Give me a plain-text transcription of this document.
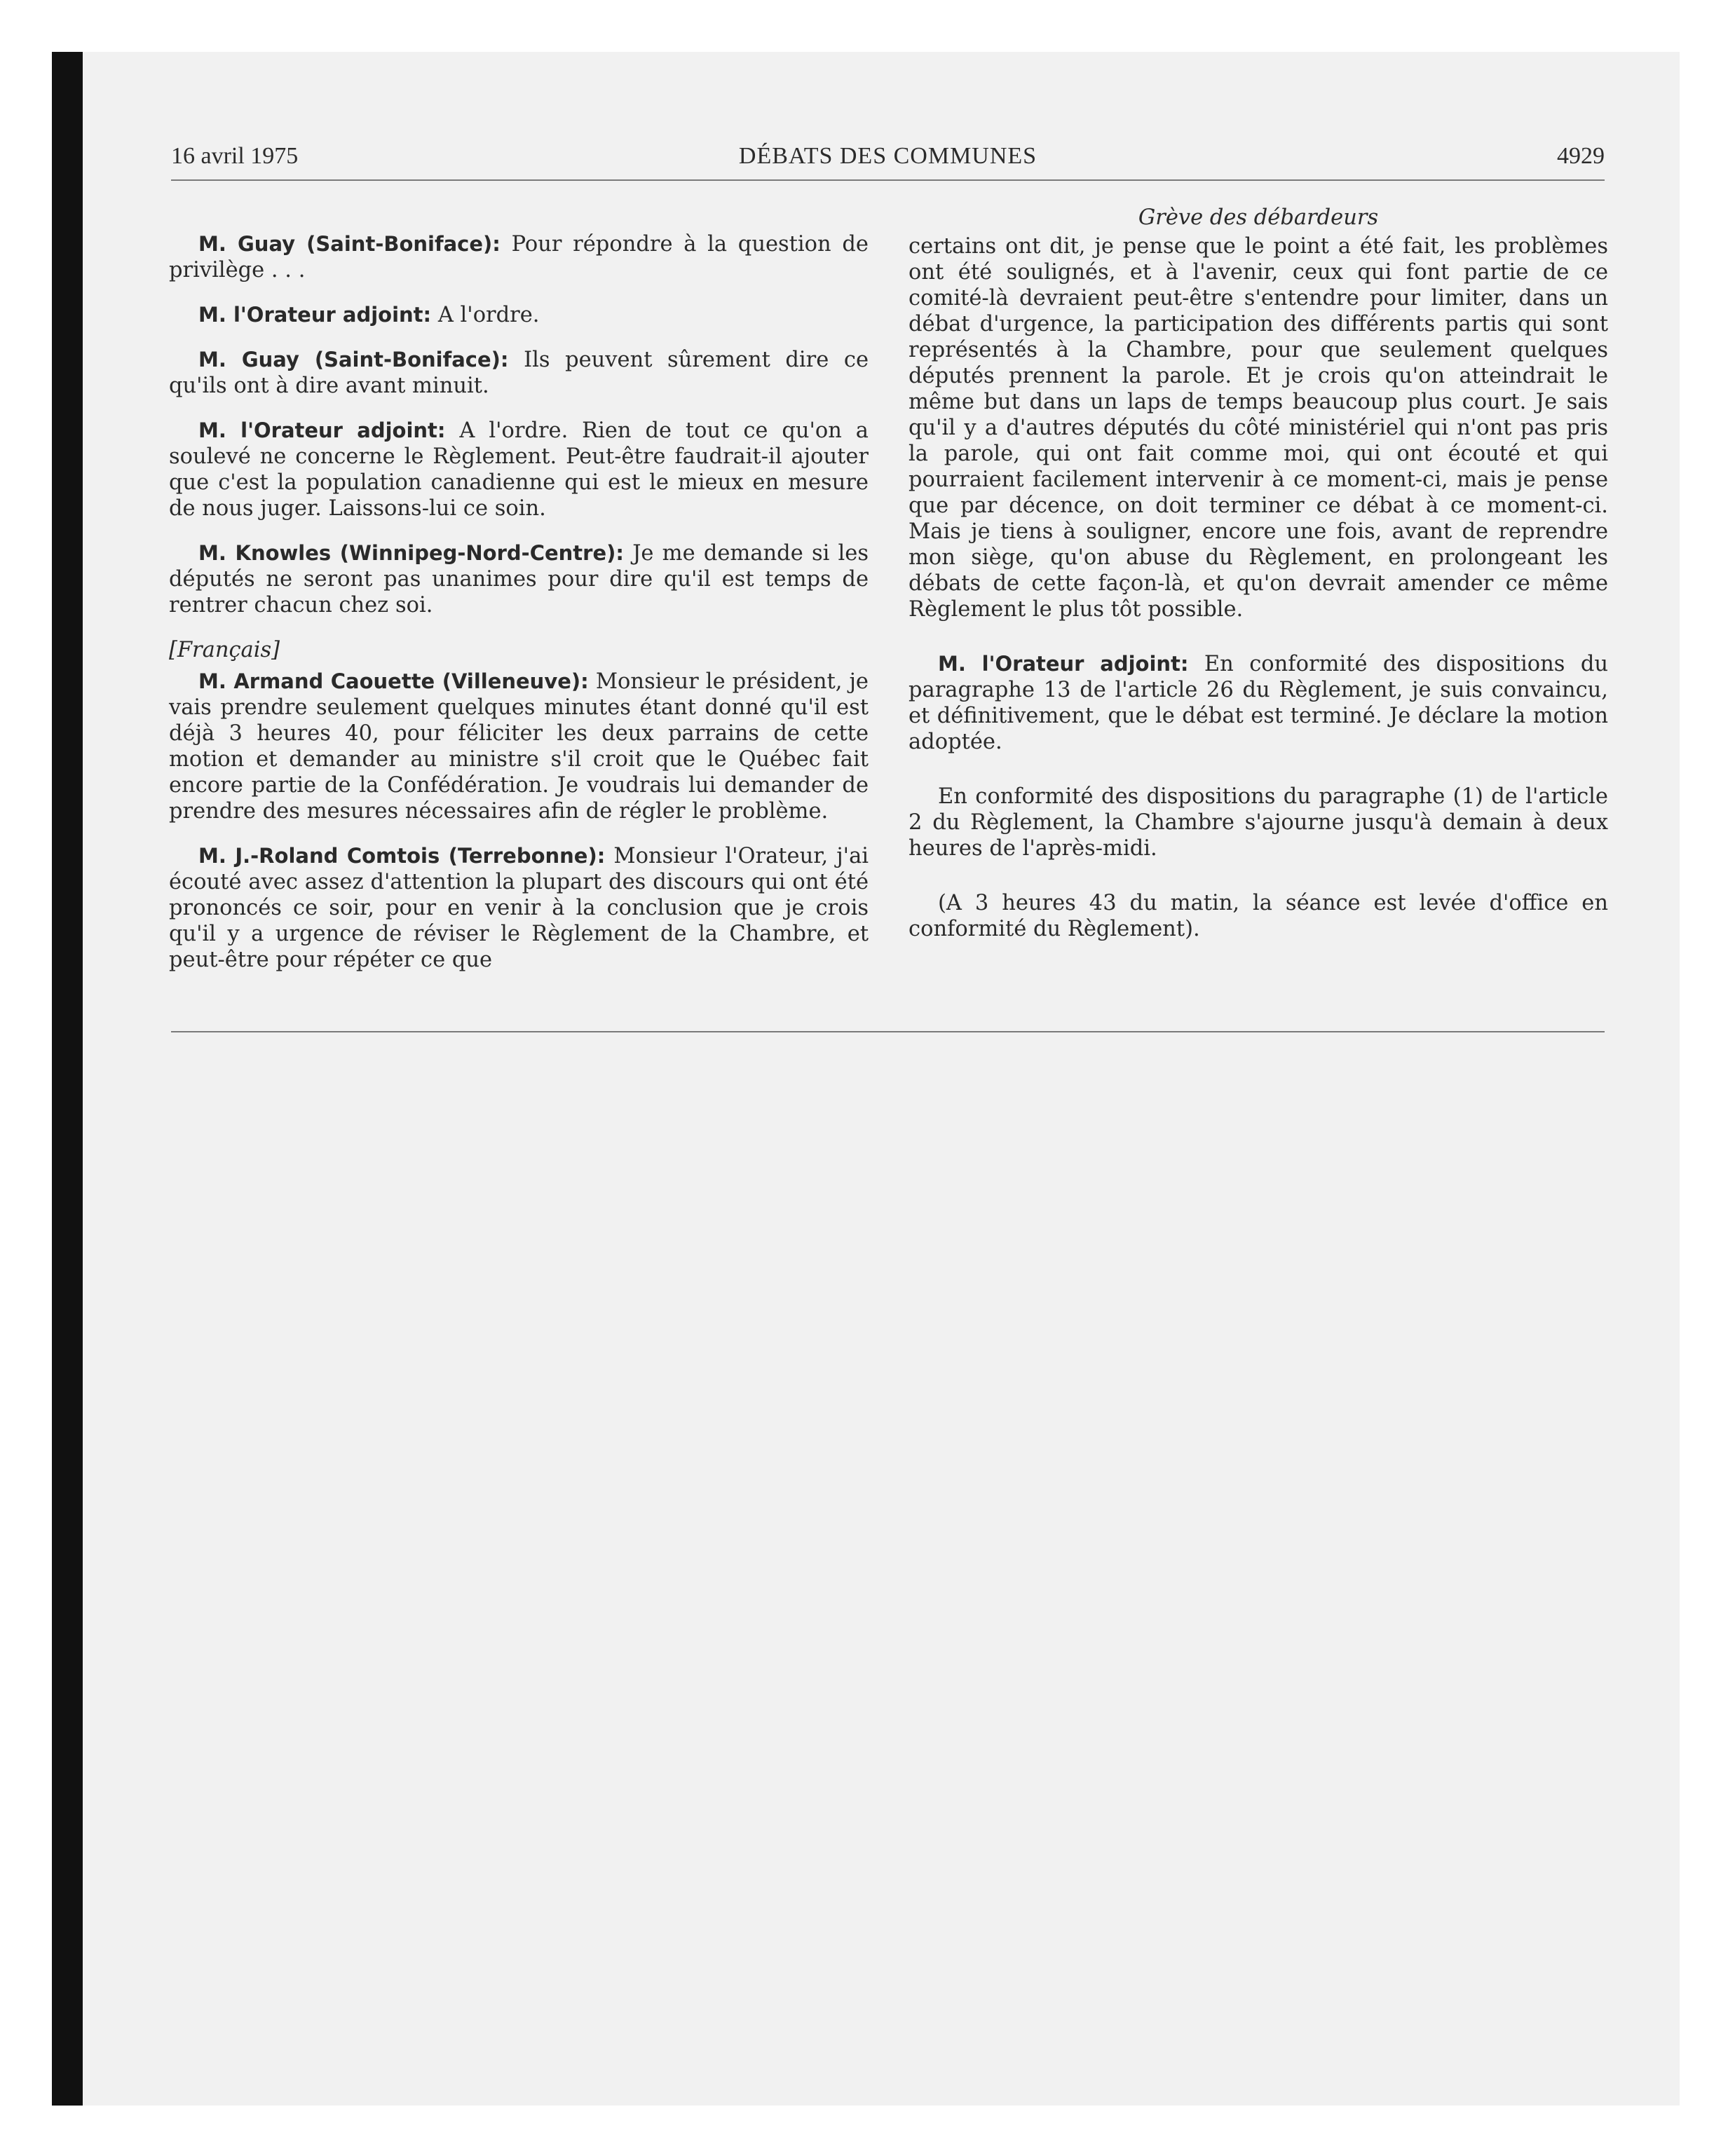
16 avril 1975	DÉBATS DES COMMUNES	4929

M. Guay (Saint-Boniface): Pour répondre à la question de privilège . . .

M. l'Orateur adjoint: A l'ordre.

M. Guay (Saint-Boniface): Ils peuvent sûrement dire ce qu'ils ont à dire avant minuit.

M. l'Orateur adjoint: A l'ordre. Rien de tout ce qu'on a soulevé ne concerne le Règlement. Peut-être faudrait-il ajouter que c'est la population canadienne qui est le mieux en mesure de nous juger. Laissons-lui ce soin.

M. Knowles (Winnipeg-Nord-Centre): Je me demande si les députés ne seront pas unanimes pour dire qu'il est temps de rentrer chacun chez soi.

[Français]

M. Armand Caouette (Villeneuve): Monsieur le président, je vais prendre seulement quelques minutes étant donné qu'il est déjà 3 heures 40, pour féliciter les deux parrains de cette motion et demander au ministre s'il croit que le Québec fait encore partie de la Confédération. Je voudrais lui demander de prendre des mesures nécessaires afin de régler le problème.

M. J.-Roland Comtois (Terrebonne): Monsieur l'Orateur, j'ai écouté avec assez d'attention la plupart des discours qui ont été prononcés ce soir, pour en venir à la conclusion que je crois qu'il y a urgence de réviser le Règlement de la Chambre, et peut-être pour répéter ce que

Grève des débardeurs

certains ont dit, je pense que le point a été fait, les problèmes ont été soulignés, et à l'avenir, ceux qui font partie de ce comité-là devraient peut-être s'entendre pour limiter, dans un débat d'urgence, la participation des différents partis qui sont représentés à la Chambre, pour que seulement quelques députés prennent la parole. Et je crois qu'on atteindrait le même but dans un laps de temps beaucoup plus court. Je sais qu'il y a d'autres députés du côté ministériel qui n'ont pas pris la parole, qui ont fait comme moi, qui ont écouté et qui pourraient facilement intervenir à ce moment-ci, mais je pense que par décence, on doit terminer ce débat à ce moment-ci. Mais je tiens à souligner, encore une fois, avant de reprendre mon siège, qu'on abuse du Règlement, en prolongeant les débats de cette façon-là, et qu'on devrait amender ce même Règlement le plus tôt possible.

M. l'Orateur adjoint: En conformité des dispositions du paragraphe 13 de l'article 26 du Règlement, je suis convaincu, et définitivement, que le débat est terminé. Je déclare la motion adoptée.

En conformité des dispositions du paragraphe (1) de l'article 2 du Règlement, la Chambre s'ajourne jusqu'à demain à deux heures de l'après-midi.

(A 3 heures 43 du matin, la séance est levée d'office en conformité du Règlement).
